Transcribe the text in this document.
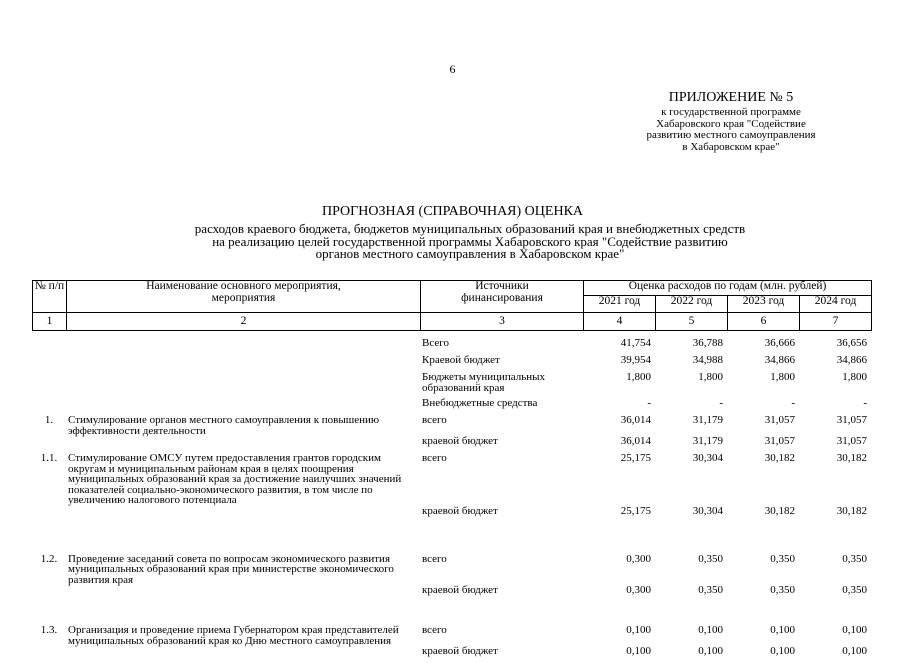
6
ПРИЛОЖЕНИЕ № 5
к государственной программе
Хабаровского края "Содействие
развитию местного самоуправления
в Хабаровском крае"
ПРОГНОЗНАЯ (СПРАВОЧНАЯ) ОЦЕНКА
расходов краевого бюджета, бюджетов муниципальных образований края и внебюджетных средств
на реализацию целей государственной программы Хабаровского края "Содействие развитию
органов местного самоуправления в Хабаровском крае"
№ п/п	Наименование основного мероприятия, мероприятия	Источники финансирования	Оценка расходов по годам (млн. рублей)			
			2021 год	2022 год	2023 год	2024 год
1	2	3	4	5	6	7
		Всего	41,754	36,788	36,666	36,656
		Краевой бюджет	39,954	34,988	34,866	34,866
		Бюджеты муниципальных образований края	1,800	1,800	1,800	1,800
		Внебюджетные средства	-	-	-	-
1.	Стимулирование органов местного самоуправления к повышению эффективности деятельности	всего	36,014	31,179	31,057	31,057
		краевой бюджет	36,014	31,179	31,057	31,057
1.1.	Стимулирование ОМСУ путем предоставления грантов городским округам и муниципальным районам края в целях поощрения муниципальных образований края за достижение наилучших значений показателей социально-экономического развития, в том числе по увеличению налогового потенциала	всего	25,175	30,304	30,182	30,182
		краевой бюджет	25,175	30,304	30,182	30,182
1.2.	Проведение заседаний совета по вопросам экономического развития муниципальных образований края при министерстве экономического развития края	всего	0,300	0,350	0,350	0,350
		краевой бюджет	0,300	0,350	0,350	0,350
1.3.	Организация и проведение приема Губернатором края представителей муниципальных образований края ко Дню местного самоуправления	всего	0,100	0,100	0,100	0,100
		краевой бюджет	0,100	0,100	0,100	0,100
